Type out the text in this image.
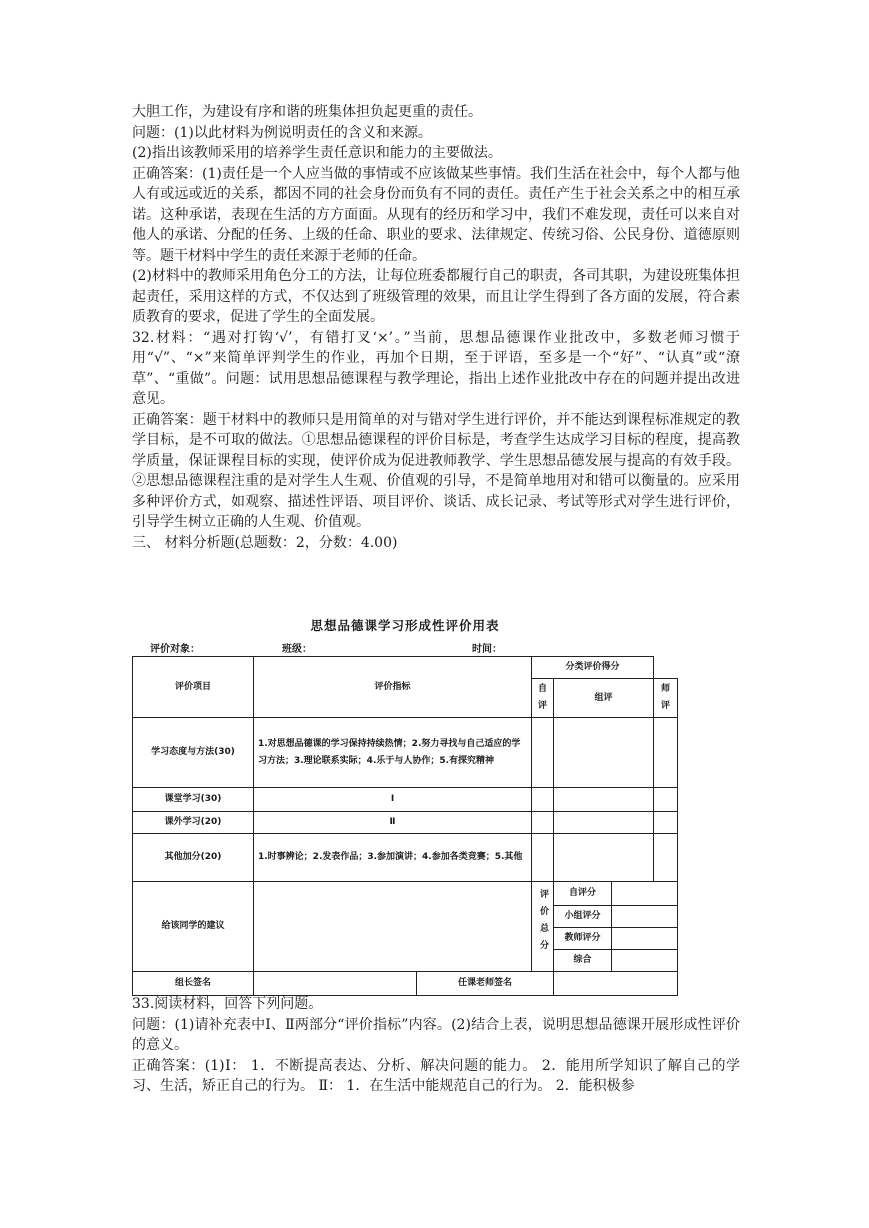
大胆工作，为建设有序和谐的班集体担负起更重的责任。

问题：(1)以此材料为例说明责任的含义和来源。

(2)指出该教师采用的培养学生责任意识和能力的主要做法。

正确答案：(1)责任是一个人应当做的事情或不应该做某些事情。我们生活在社会中，每个人都与他人有或远或近的关系，都因不同的社会身份而负有不同的责任。责任产生于社会关系之中的相互承诺。这种承诺，表现在生活的方方面面。从现有的经历和学习中，我们不难发现，责任可以来自对他人的承诺、分配的任务、上级的任命、职业的要求、法律规定、传统习俗、公民身份、道德原则等。题干材料中学生的责任来源于老师的任命。

(2)材料中的教师采用角色分工的方法，让每位班委都履行自己的职责，各司其职，为建设班集体担起责任，采用这样的方式，不仅达到了班级管理的效果，而且让学生得到了各方面的发展，符合素质教育的要求，促进了学生的全面发展。

32.材料：“遇对打钩‘√’，有错打叉‘×’。”当前，思想品德课作业批改中，多数老师习惯于用“√”、“×”来简单评判学生的作业，再加个日期，至于评语，至多是一个“好”、“认真”或“潦草”、“重做”。问题：试用思想品德课程与教学理论，指出上述作业批改中存在的问题并提出改进意见。

正确答案：题干材料中的教师只是用简单的对与错对学生进行评价，并不能达到课程标准规定的教学目标，是不可取的做法。①思想品德课程的评价目标是，考查学生达成学习目标的程度，提高教学质量，保证课程目标的实现，使评价成为促进教师教学、学生思想品德发展与提高的有效手段。②思想品德课程注重的是对学生人生观、价值观的引导，不是简单地用对和错可以衡量的。应采用多种评价方式，如观察、描述性评语、项目评价、谈话、成长记录、考试等形式对学生进行评价，引导学生树立正确的人生观、价值观。

三、 材料分析题(总题数：2，分数：4.00)

思想品德课学习形成性评价用表
评价对象：	班级：	时间：
评价项目	评价指标		分类评价得分			
			自评	组评		师评
学习态度与方法(30)	1.对思想品德课的学习保持持续热情；2.努力寻找与自己适应的学习方法；3.理论联系实际；4.乐于与人协作；5.有探究精神					
课堂学习(30)	Ⅰ					
课外学习(20)	Ⅱ					
其他加分(20)	1.时事辨论；2.发表作品；3.参加演讲；4.参加各类竞赛；5.其他					
给该同学的建议			评价总分	自评分		
				小组评分		
				教师评分		
				综合		
组长签名		任课老师签名				

33.阅读材料，回答下列问题。

问题：(1)请补充表中Ⅰ、Ⅱ两部分“评价指标”内容。(2)结合上表，说明思想品德课开展形成性评价的意义。

正确答案：(1)Ⅰ： 1．不断提高表达、分析、解决问题的能力。 2．能用所学知识了解自己的学习、生活，矫正自己的行为。 Ⅱ： 1．在生活中能规范自己的行为。 2．能积极参
